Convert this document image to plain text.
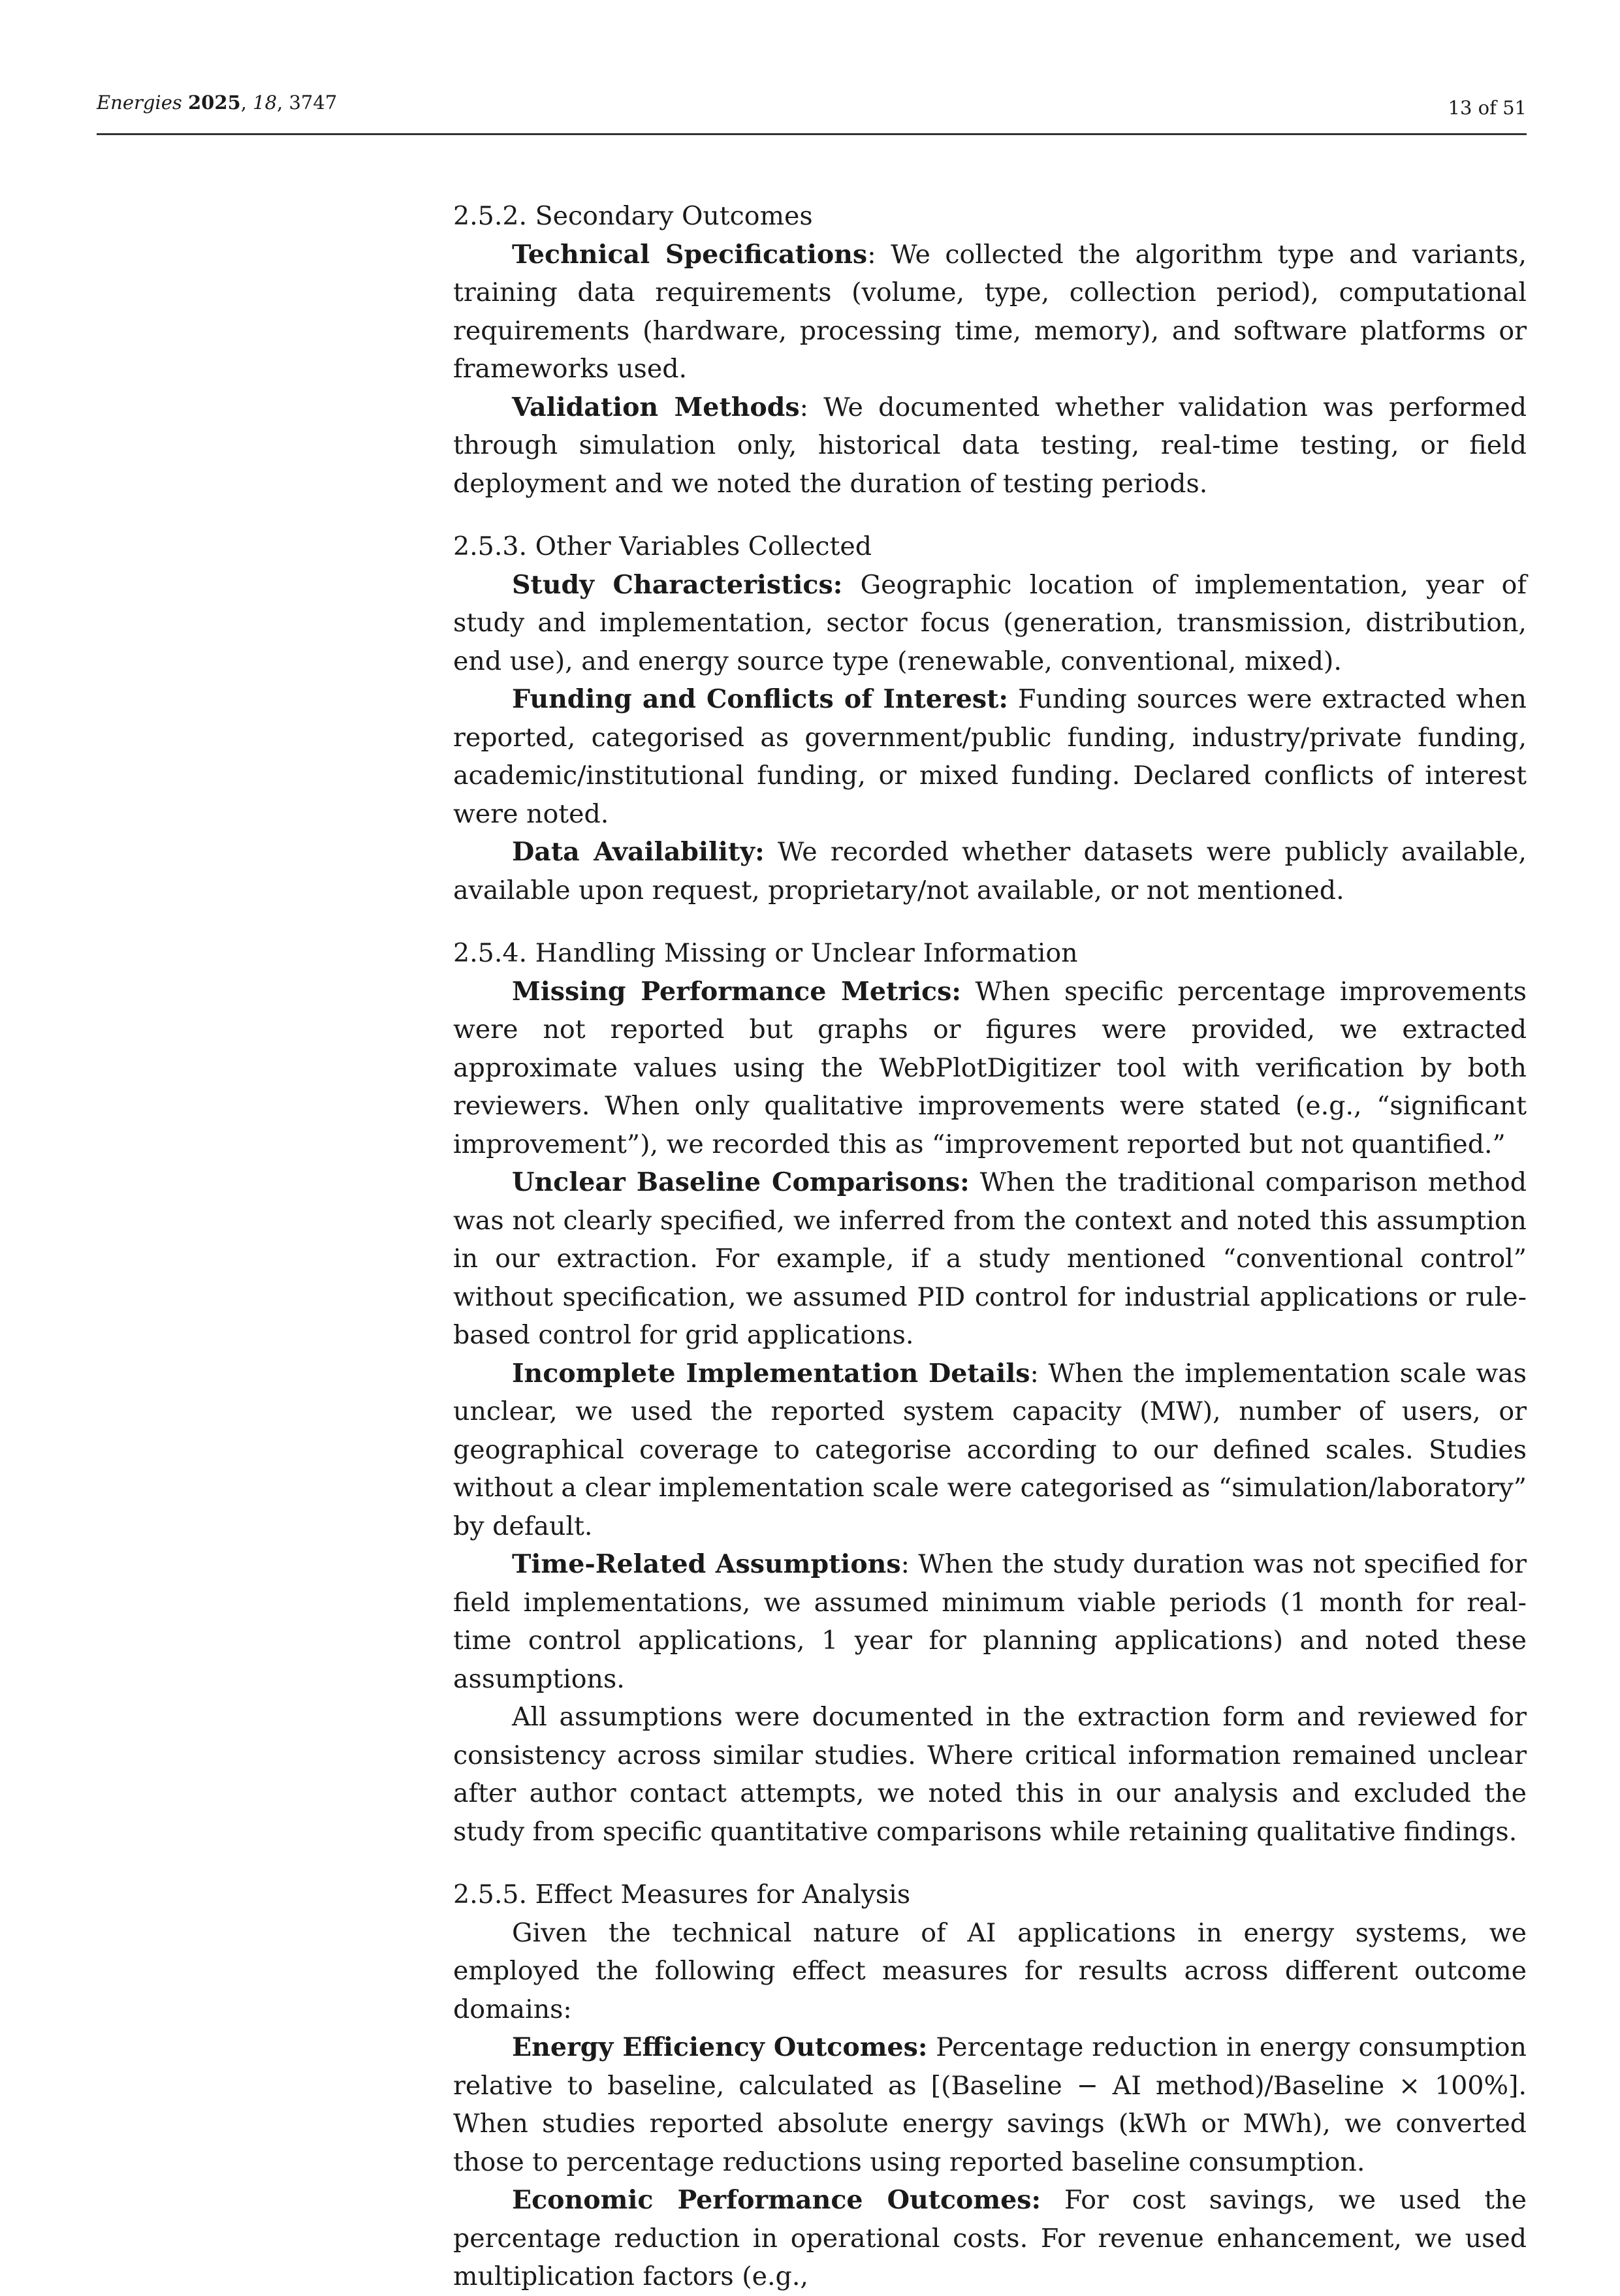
Energies 2025, 18, 3747	13 of 51

2.5.2. Secondary Outcomes

Technical Specifications: We collected the algorithm type and variants, training data requirements (volume, type, collection period), computational requirements (hardware, processing time, memory), and software platforms or frameworks used.

Validation Methods: We documented whether validation was performed through simulation only, historical data testing, real-time testing, or field deployment and we noted the duration of testing periods.

2.5.3. Other Variables Collected

Study Characteristics: Geographic location of implementation, year of study and implementation, sector focus (generation, transmission, distribution, end use), and energy source type (renewable, conventional, mixed).

Funding and Conflicts of Interest: Funding sources were extracted when reported, categorised as government/public funding, industry/private funding, academic/institutional funding, or mixed funding. Declared conflicts of interest were noted.

Data Availability: We recorded whether datasets were publicly available, available upon request, proprietary/not available, or not mentioned.

2.5.4. Handling Missing or Unclear Information

Missing Performance Metrics: When specific percentage improvements were not reported but graphs or figures were provided, we extracted approximate values using the WebPlotDigitizer tool with verification by both reviewers. When only qualitative improvements were stated (e.g., “significant improvement”), we recorded this as “improvement reported but not quantified.”

Unclear Baseline Comparisons: When the traditional comparison method was not clearly specified, we inferred from the context and noted this assumption in our extraction. For example, if a study mentioned “conventional control” without specification, we assumed PID control for industrial applications or rule-based control for grid applications.

Incomplete Implementation Details: When the implementation scale was unclear, we used the reported system capacity (MW), number of users, or geographical coverage to categorise according to our defined scales. Studies without a clear implementation scale were categorised as “simulation/laboratory” by default.

Time-Related Assumptions: When the study duration was not specified for field implementations, we assumed minimum viable periods (1 month for real-time control applications, 1 year for planning applications) and noted these assumptions.

All assumptions were documented in the extraction form and reviewed for consistency across similar studies. Where critical information remained unclear after author contact attempts, we noted this in our analysis and excluded the study from specific quantitative comparisons while retaining qualitative findings.

2.5.5. Effect Measures for Analysis

Given the technical nature of AI applications in energy systems, we employed the following effect measures for results across different outcome domains:

Energy Efficiency Outcomes: Percentage reduction in energy consumption relative to baseline, calculated as [(Baseline − AI method)/Baseline × 100%]. When studies reported absolute energy savings (kWh or MWh), we converted those to percentage reductions using reported baseline consumption.

Economic Performance Outcomes: For cost savings, we used the percentage reduction in operational costs. For revenue enhancement, we used multiplication factors (e.g.,
